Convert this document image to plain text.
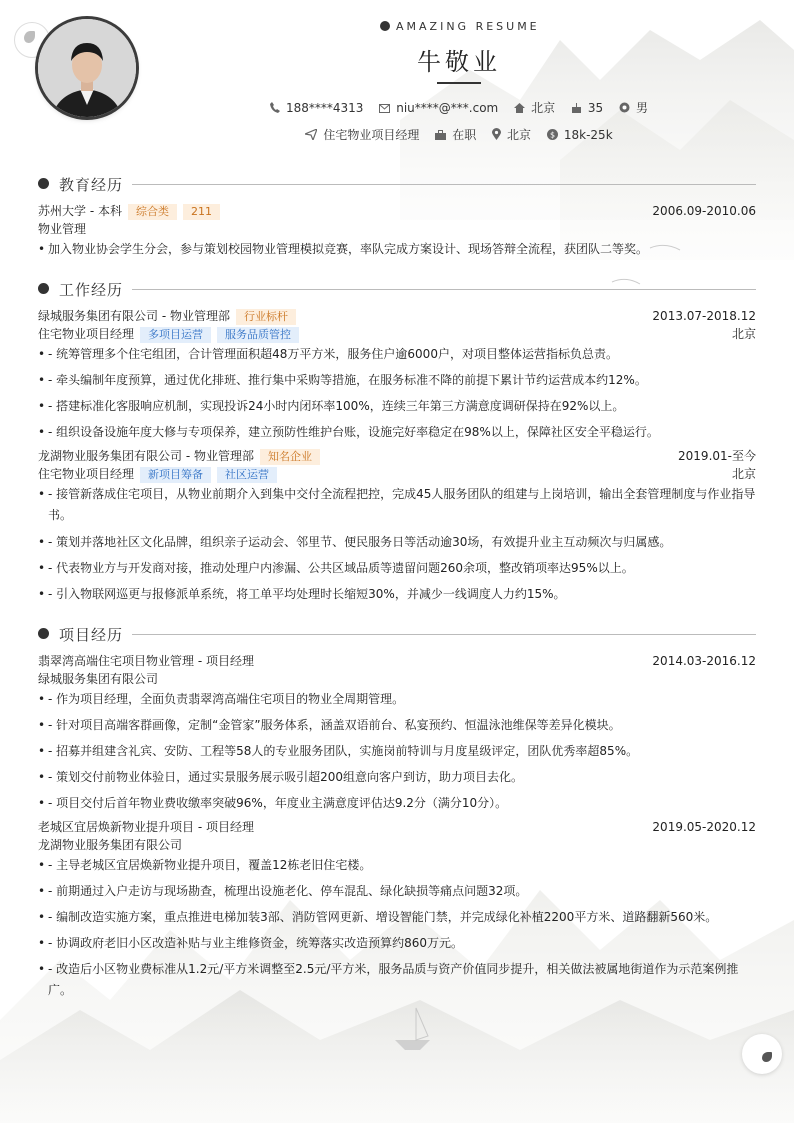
AMAZING RESUME
牛敬业
188****4313	niu****@***.com	北京	35	男
住宅物业项目经理	在职	北京 $ 18k-25k
教育经历
苏州大学 - 本科 综合类 211	2006.09-2010.06
物业管理
• 加入物业协会学生分会，参与策划校园物业管理模拟竞赛，率队完成方案设计、现场答辩全流程，获团队二等奖。
工作经历
绿城服务集团有限公司 - 物业管理部 行业标杆	2013.07-2018.12
住宅物业项目经理 多项目运营 服务品质管控	北京
• - 统筹管理多个住宅组团，合计管理面积超48万平方米，服务住户逾6000户，对项目整体运营指标负总责。
• - 牵头编制年度预算，通过优化排班、推行集中采购等措施，在服务标准不降的前提下累计节约运营成本约12%。
• - 搭建标准化客服响应机制，实现投诉24小时内闭环率100%，连续三年第三方满意度调研保持在92%以上。
• - 组织设备设施年度大修与专项保养，建立预防性维护台账，设施完好率稳定在98%以上，保障社区安全平稳运行。
龙湖物业服务集团有限公司 - 物业管理部 知名企业	2019.01-至今
住宅物业项目经理 新项目筹备 社区运营	北京
• - 接管新落成住宅项目，从物业前期介入到集中交付全流程把控，完成45人服务团队的组建与上岗培训，输出全套管理制度与作业指导书。
• - 策划并落地社区文化品牌，组织亲子运动会、邻里节、便民服务日等活动逾30场，有效提升业主互动频次与归属感。
• - 代表物业方与开发商对接，推动处理户内渗漏、公共区域品质等遗留问题260余项，整改销项率达95%以上。
• - 引入物联网巡更与报修派单系统，将工单平均处理时长缩短30%，并减少一线调度人力约15%。
项目经历
翡翠湾高端住宅项目物业管理 - 项目经理	2014.03-2016.12
绿城服务集团有限公司
• - 作为项目经理，全面负责翡翠湾高端住宅项目的物业全周期管理。
• - 针对项目高端客群画像，定制“金管家”服务体系，涵盖双语前台、私宴预约、恒温泳池维保等差异化模块。
• - 招募并组建含礼宾、安防、工程等58人的专业服务团队，实施岗前特训与月度星级评定，团队优秀率超85%。
• - 策划交付前物业体验日，通过实景服务展示吸引超200组意向客户到访，助力项目去化。
• - 项目交付后首年物业费收缴率突破96%，年度业主满意度评估达9.2分（满分10分）。
老城区宜居焕新物业提升项目 - 项目经理	2019.05-2020.12
龙湖物业服务集团有限公司
• - 主导老城区宜居焕新物业提升项目，覆盖12栋老旧住宅楼。
• - 前期通过入户走访与现场勘查，梳理出设施老化、停车混乱、绿化缺损等痛点问题32项。
• - 编制改造实施方案，重点推进电梯加装3部、消防管网更新、增设智能门禁，并完成绿化补植2200平方米、道路翻新560米。
• - 协调政府老旧小区改造补贴与业主维修资金，统筹落实改造预算约860万元。
• - 改造后小区物业费标准从1.2元/平方米调整至2.5元/平方米，服务品质与资产价值同步提升，相关做法被属地街道作为示范案例推广。
